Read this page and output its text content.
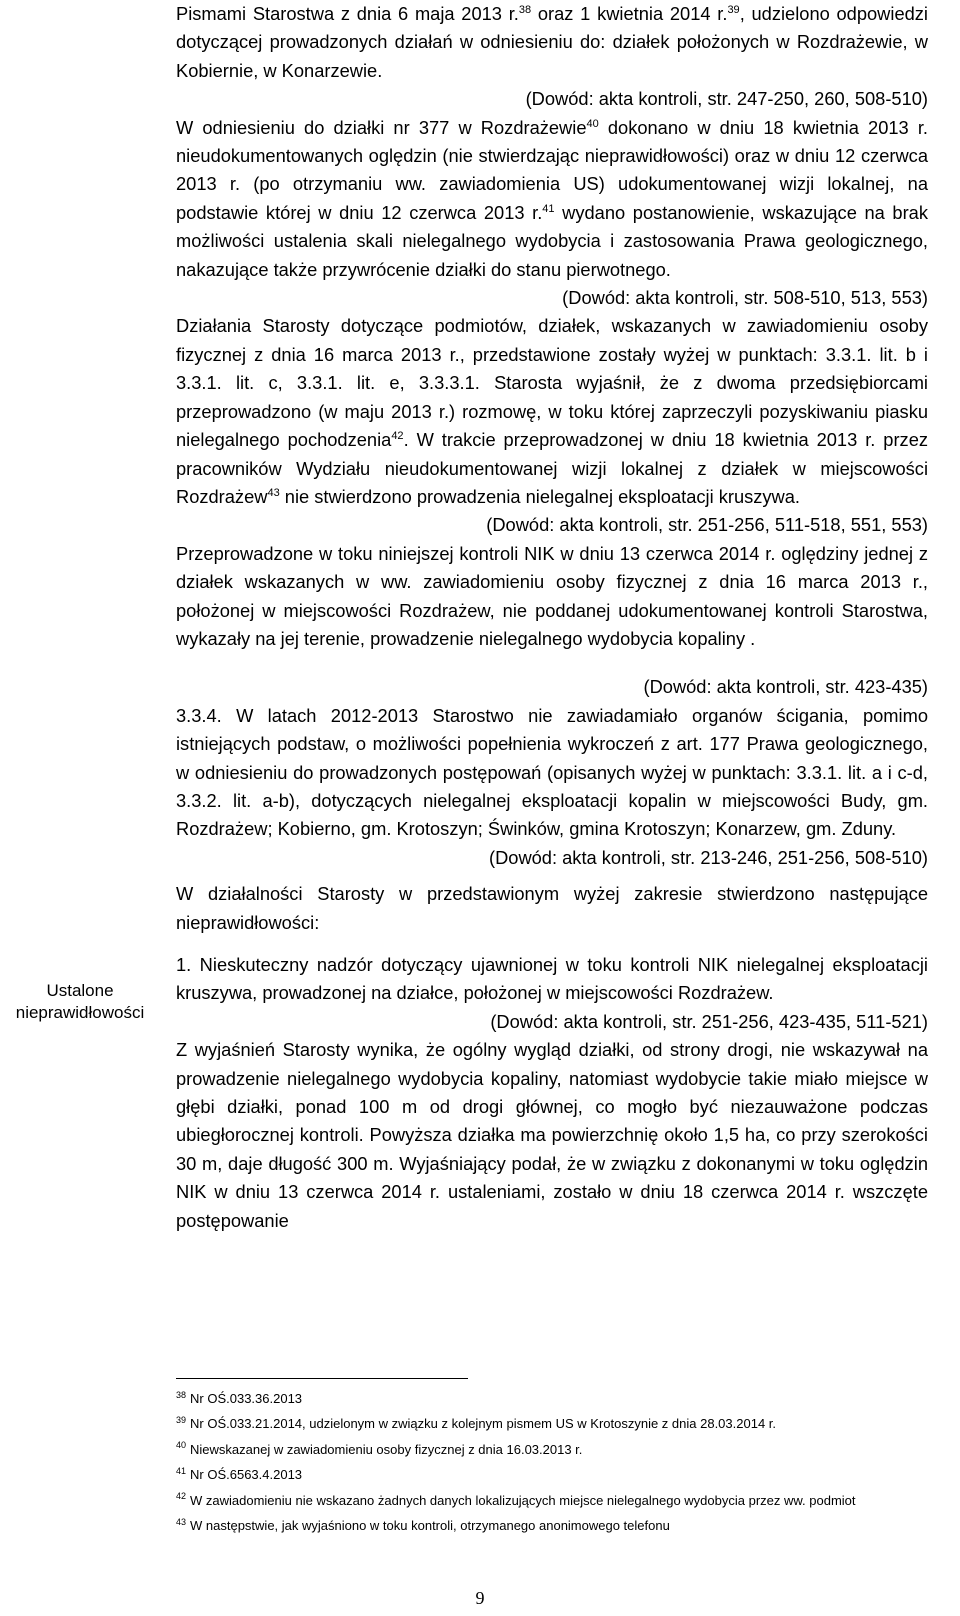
Ustalone
nieprawidłowości

Pismami Starostwa z dnia 6 maja 2013 r.$^{38}$ oraz 1 kwietnia 2014 r.$^{39}$, udzielono odpowiedzi dotyczącej prowadzonych działań w odniesieniu do: działek położonych w Rozdrażewie, w Kobiernie, w Konarzewie.

(Dowód: akta kontroli, str. 247-250, 260, 508-510)

W odniesieniu do działki nr 377 w Rozdrażewie$^{40}$ dokonano w dniu 18 kwietnia 2013 r. nieudokumentowanych oględzin (nie stwierdzając nieprawidłowości) oraz w dniu 12 czerwca 2013 r. (po otrzymaniu ww. zawiadomienia US) udokumentowanej wizji lokalnej, na podstawie której w dniu 12 czerwca 2013 r.$^{41}$ wydano postanowienie, wskazujące na brak możliwości ustalenia skali nielegalnego wydobycia i zastosowania Prawa geologicznego, nakazujące także przywrócenie działki do stanu pierwotnego.

(Dowód: akta kontroli, str. 508-510, 513, 553)

Działania Starosty dotyczące podmiotów, działek, wskazanych w zawiadomieniu osoby fizycznej z dnia 16 marca 2013 r., przedstawione zostały wyżej w punktach: 3.3.1. lit. b i 3.3.1. lit. c, 3.3.1. lit. e, 3.3.3.1. Starosta wyjaśnił, że z dwoma przedsiębiorcami przeprowadzono (w maju 2013 r.) rozmowę, w toku której zaprzeczyli pozyskiwaniu piasku nielegalnego pochodzenia$^{42}$. W trakcie przeprowadzonej w dniu 18 kwietnia 2013 r. przez pracowników Wydziału nieudokumentowanej wizji lokalnej z działek w miejscowości Rozdrażew$^{43}$ nie stwierdzono prowadzenia nielegalnej eksploatacji kruszywa.

(Dowód: akta kontroli, str. 251-256, 511-518, 551, 553)

Przeprowadzone w toku niniejszej kontroli NIK w dniu 13 czerwca 2014 r. oględziny jednej z działek wskazanych w ww. zawiadomieniu osoby fizycznej z dnia 16 marca 2013 r., położonej w miejscowości Rozdrażew, nie poddanej udokumentowanej kontroli Starostwa, wykazały na jej terenie, prowadzenie nielegalnego wydobycia kopaliny .

(Dowód: akta kontroli, str. 423-435)

3.3.4. W latach 2012-2013 Starostwo nie zawiadamiało organów ścigania, pomimo istniejących podstaw, o możliwości popełnienia wykroczeń z art. 177 Prawa geologicznego, w odniesieniu do prowadzonych postępowań (opisanych wyżej w punktach: 3.3.1. lit. a i c-d, 3.3.2. lit. a-b), dotyczących nielegalnej eksploatacji kopalin w miejscowości Budy, gm. Rozdrażew; Kobierno, gm. Krotoszyn; Świnków, gmina Krotoszyn; Konarzew, gm. Zduny.

(Dowód: akta kontroli, str. 213-246, 251-256, 508-510)

W działalności Starosty w przedstawionym wyżej zakresie stwierdzono następujące nieprawidłowości:

1. Nieskuteczny nadzór dotyczący ujawnionej w toku kontroli NIK nielegalnej eksploatacji kruszywa, prowadzonej na działce, położonej w miejscowości Rozdrażew.

(Dowód: akta kontroli, str. 251-256, 423-435, 511-521)

Z wyjaśnień Starosty wynika, że ogólny wygląd działki, od strony drogi, nie wskazywał na prowadzenie nielegalnego wydobycia kopaliny, natomiast wydobycie takie miało miejsce w głębi działki, ponad 100 m od drogi głównej, co mogło być niezauważone podczas ubiegłorocznej kontroli. Powyższa działka ma powierzchnię około 1,5 ha, co przy szerokości 30 m, daje długość 300 m. Wyjaśniający podał, że w związku z dokonanymi w toku oględzin NIK w dniu 13 czerwca 2014 r. ustaleniami, zostało w dniu 18 czerwca 2014 r. wszczęte postępowanie

$^{38}$ Nr OŚ.033.36.2013
$^{39}$ Nr OŚ.033.21.2014, udzielonym w związku z kolejnym pismem US w Krotoszynie z dnia 28.03.2014 r.
$^{40}$ Niewskazanej w zawiadomieniu osoby fizycznej z dnia 16.03.2013 r.
$^{41}$ Nr OŚ.6563.4.2013
$^{42}$ W zawiadomieniu nie wskazano żadnych danych lokalizujących miejsce nielegalnego wydobycia przez ww. podmiot
$^{43}$ W następstwie, jak wyjaśniono w toku kontroli, otrzymanego anonimowego telefonu
9
